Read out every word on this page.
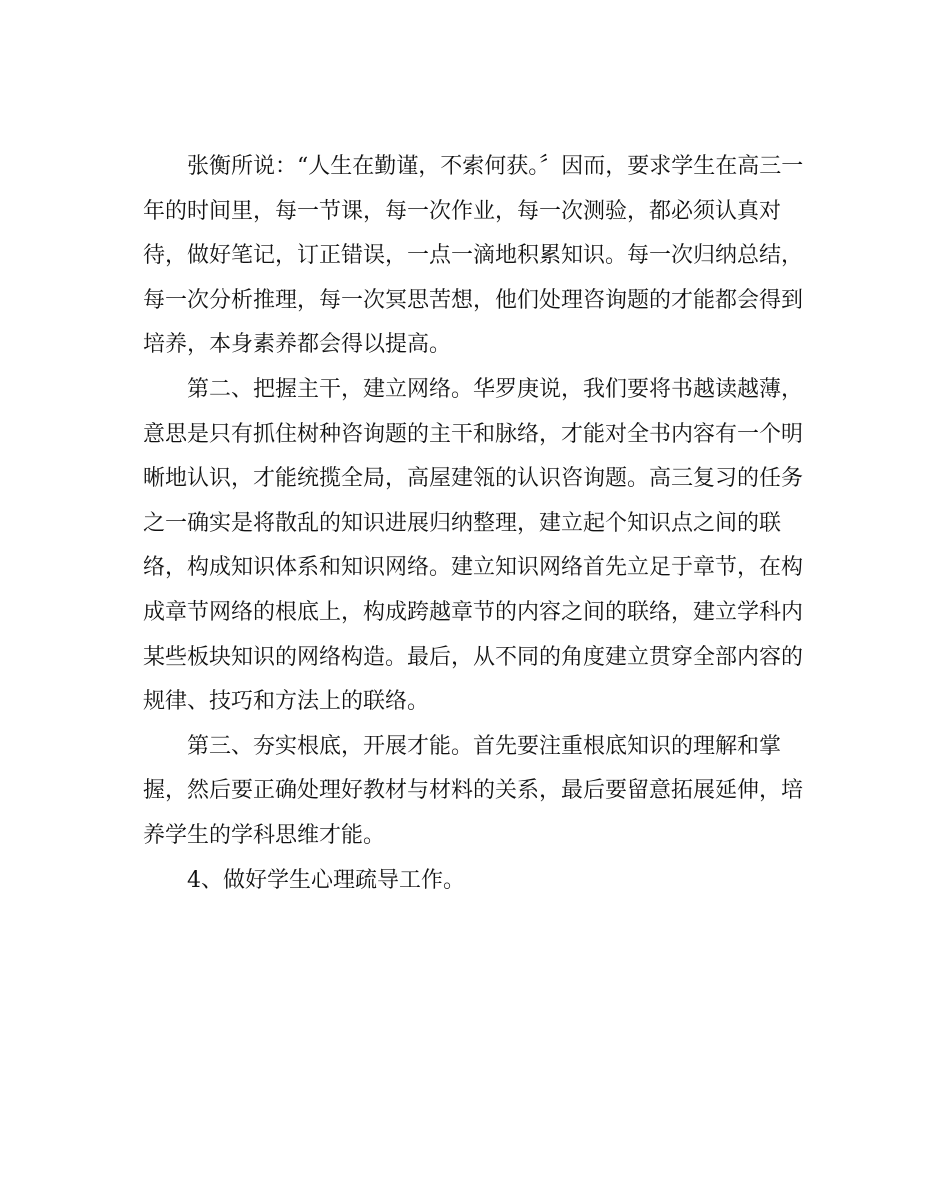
张衡所说：“人生在勤谨，不索何获。〞因而，要求学生在高三一
年的时间里，每一节课，每一次作业，每一次测验，都必须认真对
待，做好笔记，订正错误，一点一滴地积累知识。每一次归纳总结，
每一次分析推理，每一次冥思苦想，他们处理咨询题的才能都会得到
培养，本身素养都会得以提高。
第二、把握主干，建立网络。华罗庚说，我们要将书越读越薄，
意思是只有抓住树种咨询题的主干和脉络，才能对全书内容有一个明
晰地认识，才能统揽全局，高屋建瓴的认识咨询题。高三复习的任务
之一确实是将散乱的知识进展归纳整理，建立起个知识点之间的联
络，构成知识体系和知识网络。建立知识网络首先立足于章节，在构
成章节网络的根底上，构成跨越章节的内容之间的联络，建立学科内
某些板块知识的网络构造。最后，从不同的角度建立贯穿全部内容的
规律、技巧和方法上的联络。
第三、夯实根底，开展才能。首先要注重根底知识的理解和掌
握，然后要正确处理好教材与材料的关系，最后要留意拓展延伸，培
养学生的学科思维才能。
4、做好学生心理疏导工作。
